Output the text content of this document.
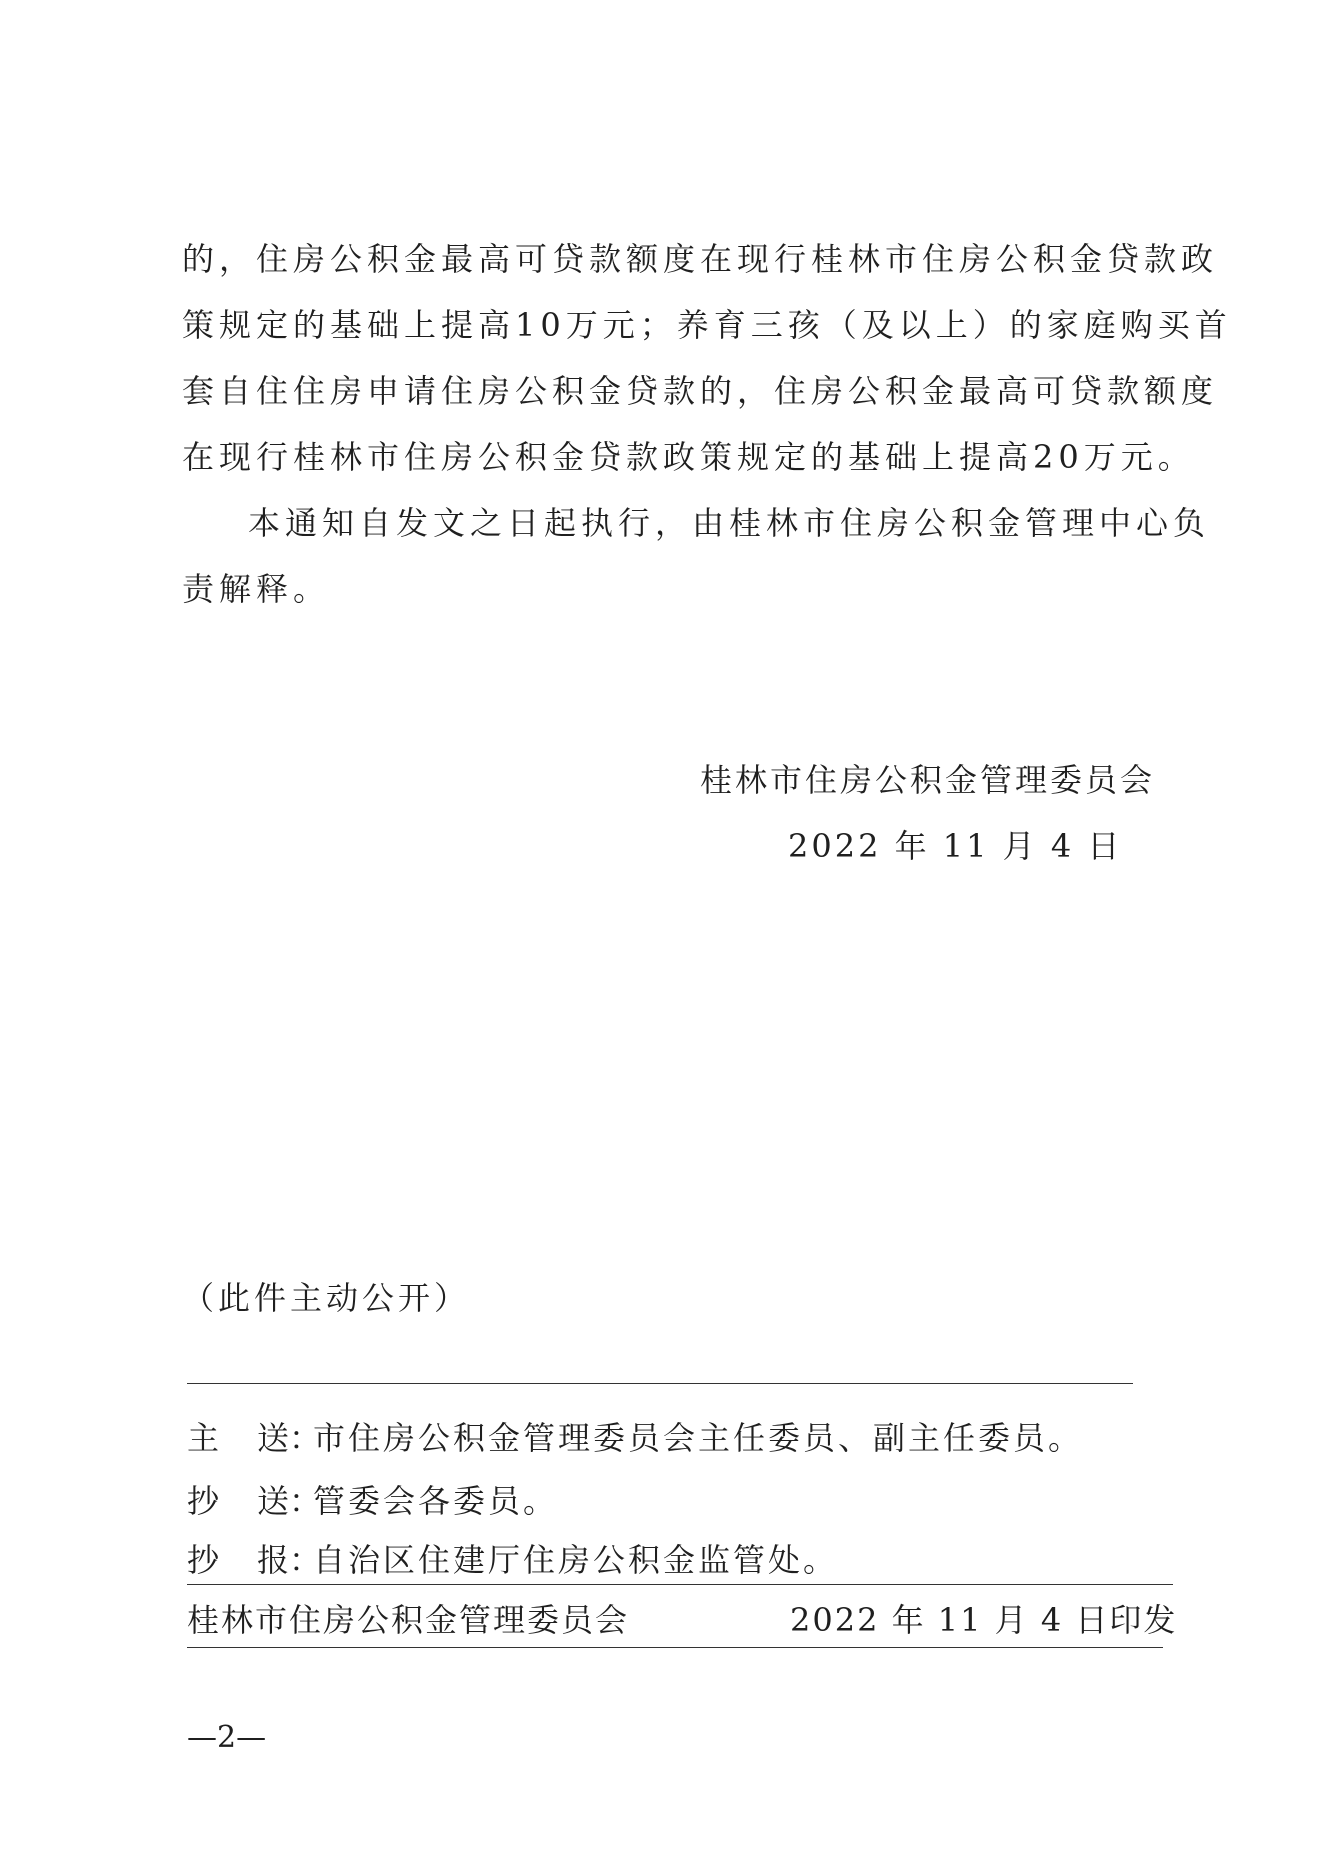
的，住房公积金最高可贷款额度在现行桂林市住房公积金贷款政
策规定的基础上提高10万元；养育三孩（及以上）的家庭购买首
套自住住房申请住房公积金贷款的，住房公积金最高可贷款额度
在现行桂林市住房公积金贷款政策规定的基础上提高20万元。
本通知自发文之日起执行，由桂林市住房公积金管理中心负
责解释。
桂林市住房公积金管理委员会
2022 年 11 月 4 日
（此件主动公开）
主 送：市住房公积金管理委员会主任委员、副主任委员。
抄 送：管委会各委员。
抄 报：自治区住建厅住房公积金监管处。
桂林市住房公积金管理委员会	2022 年 11 月 4 日印发
—2—
